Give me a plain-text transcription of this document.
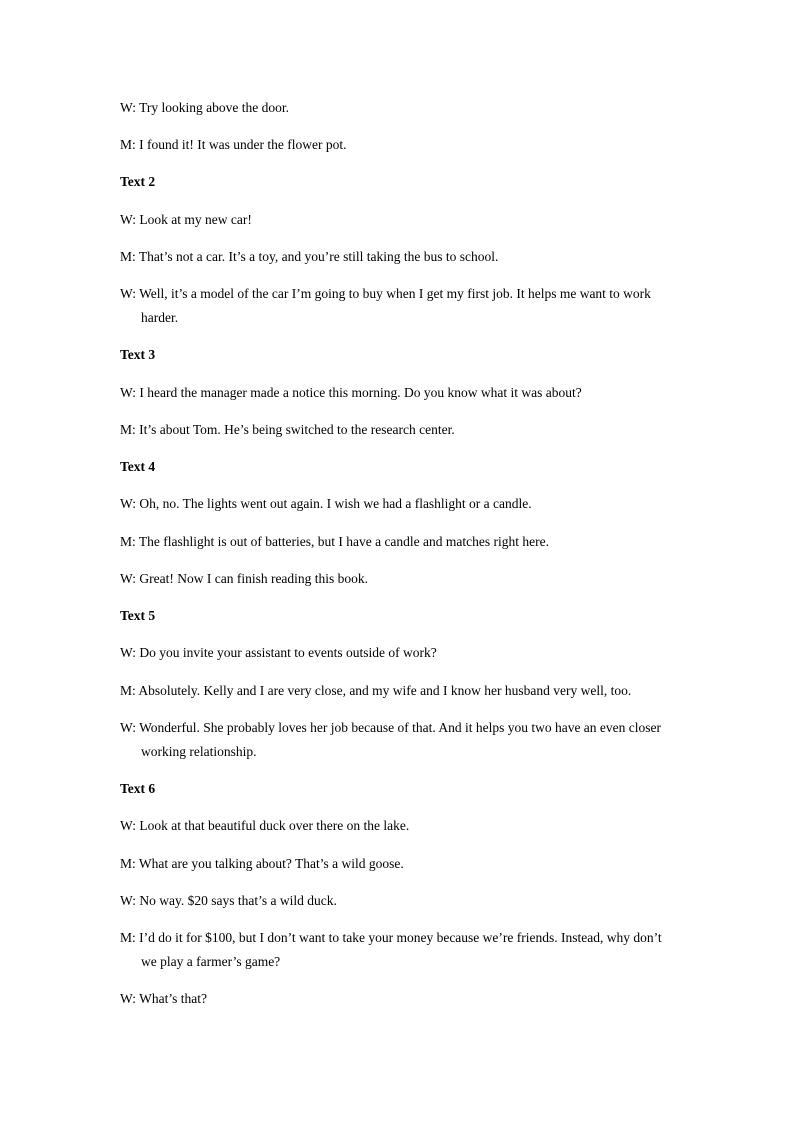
W: Try looking above the door.
M: I found it! It was under the flower pot.
Text 2
W: Look at my new car!
M: That’s not a car. It’s a toy, and you’re still taking the bus to school.
W: Well, it’s a model of the car I’m going to buy when I get my first job. It helps me want to work
harder.
Text 3
W: I heard the manager made a notice this morning. Do you know what it was about?
M: It’s about Tom. He’s being switched to the research center.
Text 4
W: Oh, no. The lights went out again. I wish we had a flashlight or a candle.
M: The flashlight is out of batteries, but I have a candle and matches right here.
W: Great! Now I can finish reading this book.
Text 5
W: Do you invite your assistant to events outside of work?
M: Absolutely. Kelly and I are very close, and my wife and I know her husband very well, too.
W: Wonderful. She probably loves her job because of that. And it helps you two have an even closer
working relationship.
Text 6
W: Look at that beautiful duck over there on the lake.
M: What are you talking about? That’s a wild goose.
W: No way. $20 says that’s a wild duck.
M: I’d do it for $100, but I don’t want to take your money because we’re friends. Instead, why don’t
we play a farmer’s game?
W: What’s that?
